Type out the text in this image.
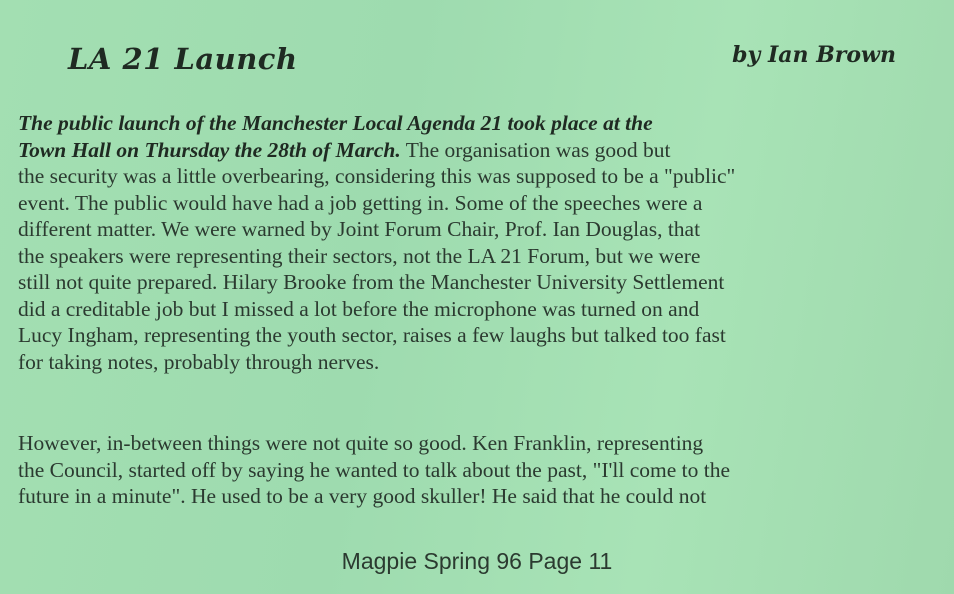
LA 21 Launch	by Ian Brown
The public launch of the Manchester Local Agenda 21 took place at the
Town Hall on Thursday the 28th of March. The organisation was good but
the security was a little overbearing, considering this was supposed to be a "public"
event. The public would have had a job getting in. Some of the speeches were a
different matter. We were warned by Joint Forum Chair, Prof. Ian Douglas, that
the speakers were representing their sectors, not the LA 21 Forum, but we were
still not quite prepared. Hilary Brooke from the Manchester University Settlement
did a creditable job but I missed a lot before the microphone was turned on and
Lucy Ingham, representing the youth sector, raises a few laughs but talked too fast
for taking notes, probably through nerves.
However, in-between things were not quite so good. Ken Franklin, representing
the Council, started off by saying he wanted to talk about the past, "I'll come to the
future in a minute". He used to be a very good skuller! He said that he could not
Magpie Spring 96 Page 11
